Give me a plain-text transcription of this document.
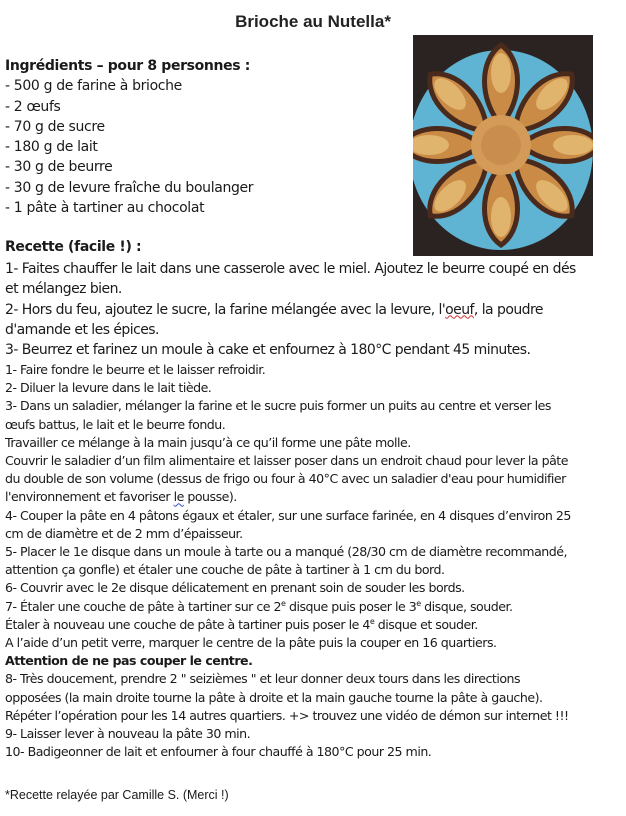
Brioche au Nutella*
Ingrédients – pour 8 personnes :
- 500 g de farine à brioche
- 2 œufs
- 70 g de sucre
- 180 g de lait
- 30 g de beurre
- 30 g de levure fraîche du boulanger
- 1 pâte à tartiner au chocolat
Recette (facile !) :
1- Faites chauffer le lait dans une casserole avec le miel. Ajoutez le beurre coupé en dés
et mélangez bien.
2- Hors du feu, ajoutez le sucre, la farine mélangée avec la levure, l'oeuf, la poudre
d'amande et les épices.
3- Beurrez et farinez un moule à cake et enfournez à 180°C pendant 45 minutes.
1- Faire fondre le beurre et le laisser refroidir.
2- Diluer la levure dans le lait tiède.
3- Dans un saladier, mélanger la farine et le sucre puis former un puits au centre et verser les
œufs battus, le lait et le beurre fondu.
Travailler ce mélange à la main jusqu’à ce qu’il forme une pâte molle.
Couvrir le saladier d’un film alimentaire et laisser poser dans un endroit chaud pour lever la pâte
du double de son volume (dessus de frigo ou four à 40°C avec un saladier d'eau pour humidifier
l'environnement et favoriser le pousse).
4- Couper la pâte en 4 pâtons égaux et étaler, sur une surface farinée, en 4 disques d’environ 25
cm de diamètre et de 2 mm d’épaisseur.
5- Placer le 1e disque dans un moule à tarte ou a manqué (28/30 cm de diamètre recommandé,
attention ça gonfle) et étaler une couche de pâte à tartiner à 1 cm du bord.
6- Couvrir avec le 2e disque délicatement en prenant soin de souder les bords.
7- Étaler une couche de pâte à tartiner sur ce 2e disque puis poser le 3e disque, souder.
Étaler à nouveau une couche de pâte à tartiner puis poser le 4e disque et souder.
A l’aide d’un petit verre, marquer le centre de la pâte puis la couper en 16 quartiers.
Attention de ne pas couper le centre.
8- Très doucement, prendre 2 " seizièmes " et leur donner deux tours dans les directions
opposées (la main droite tourne la pâte à droite et la main gauche tourne la pâte à gauche).
Répéter l’opération pour les 14 autres quartiers. +> trouvez une vidéo de démon sur internet !!!
9- Laisser lever à nouveau la pâte 30 min.
10- Badigeonner de lait et enfourner à four chauffé à 180°C pour 25 min.
*Recette relayée par Camille S. (Merci !)
